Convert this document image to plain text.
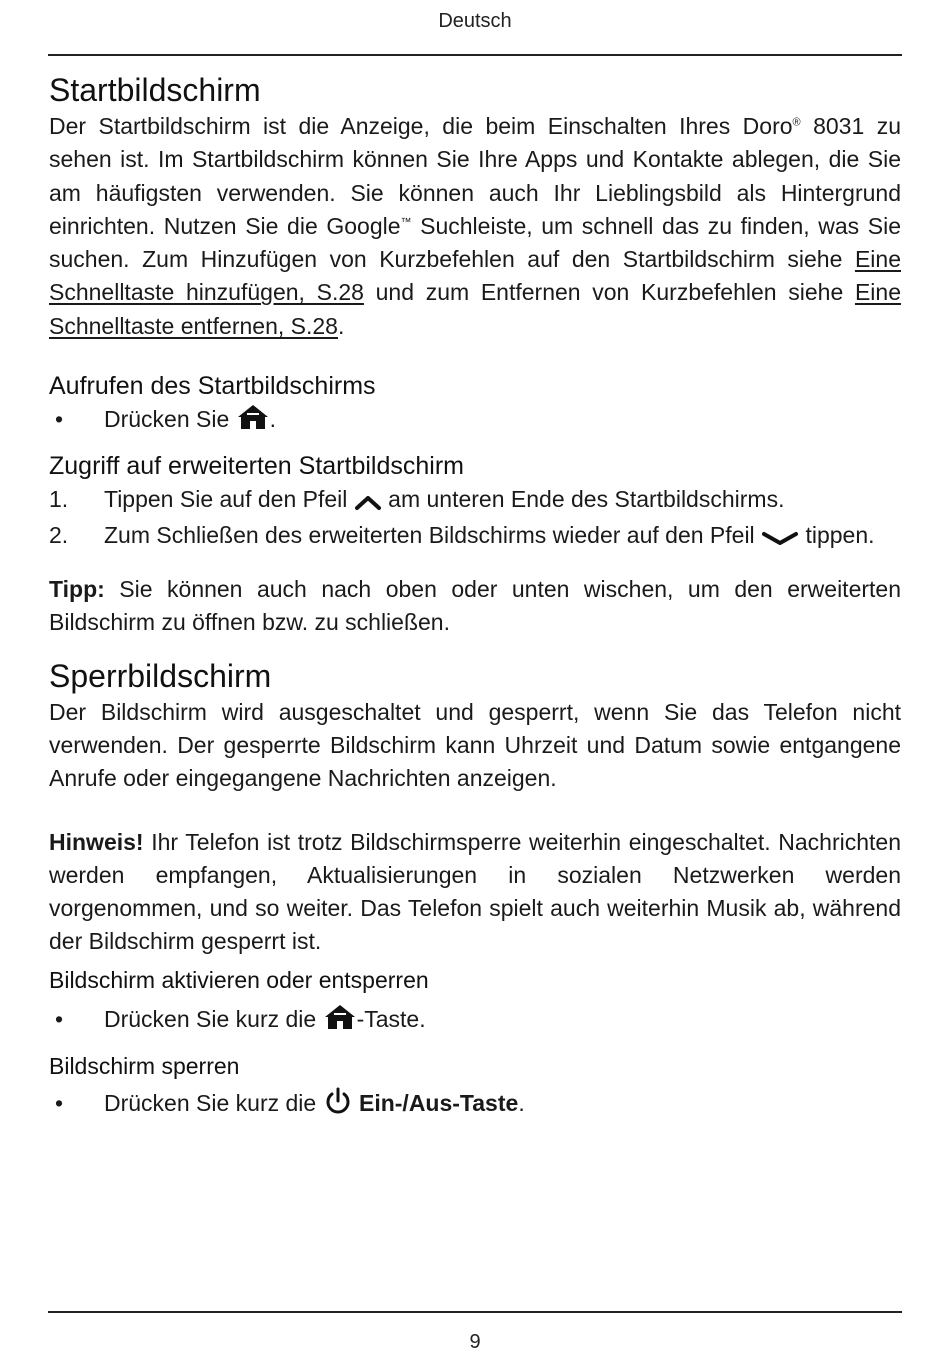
Deutsch
Startbildschirm

Der Startbildschirm ist die Anzeige, die beim Einschalten Ihres Doro® 8031 zu sehen ist. Im Startbildschirm können Sie Ihre Apps und Kontakte ablegen, die Sie am häufigsten verwenden. Sie können auch Ihr Lieblingsbild als Hintergrund einrichten. Nutzen Sie die Google™ Suchleiste, um schnell das zu finden, was Sie suchen. Zum Hinzufügen von Kurzbefehlen auf den Startbildschirm siehe Eine Schnelltaste hinzufügen, S.28 und zum Entfernen von Kurzbefehlen siehe Eine Schnelltaste entfernen, S.28.

Aufrufen des Startbildschirms
•	Drücken Sie .
Zugriff auf erweiterten Startbildschirm
1.	Tippen Sie auf den Pfeil  am unteren Ende des Startbildschirms.
2.	Zum Schließen des erweiterten Bildschirms wieder auf den Pfeil  tippen.

Tipp: Sie können auch nach oben oder unten wischen, um den erweiterten Bildschirm zu öffnen bzw. zu schließen.

Sperrbildschirm

Der Bildschirm wird ausgeschaltet und gesperrt, wenn Sie das Telefon nicht verwenden. Der gesperrte Bildschirm kann Uhrzeit und Datum sowie entgangene Anrufe oder eingegangene Nachrichten anzeigen.

Hinweis! Ihr Telefon ist trotz Bildschirmsperre weiterhin eingeschaltet. Nachrichten werden empfangen, Aktualisierungen in sozialen Netzwerken werden vorgenommen, und so weiter. Das Telefon spielt auch weiterhin Musik ab, während der Bildschirm gesperrt ist.

Bildschirm aktivieren oder entsperren
•	Drücken Sie kurz die -Taste.
Bildschirm sperren
•	Drücken Sie kurz die  Ein-/Aus-Taste.
9
